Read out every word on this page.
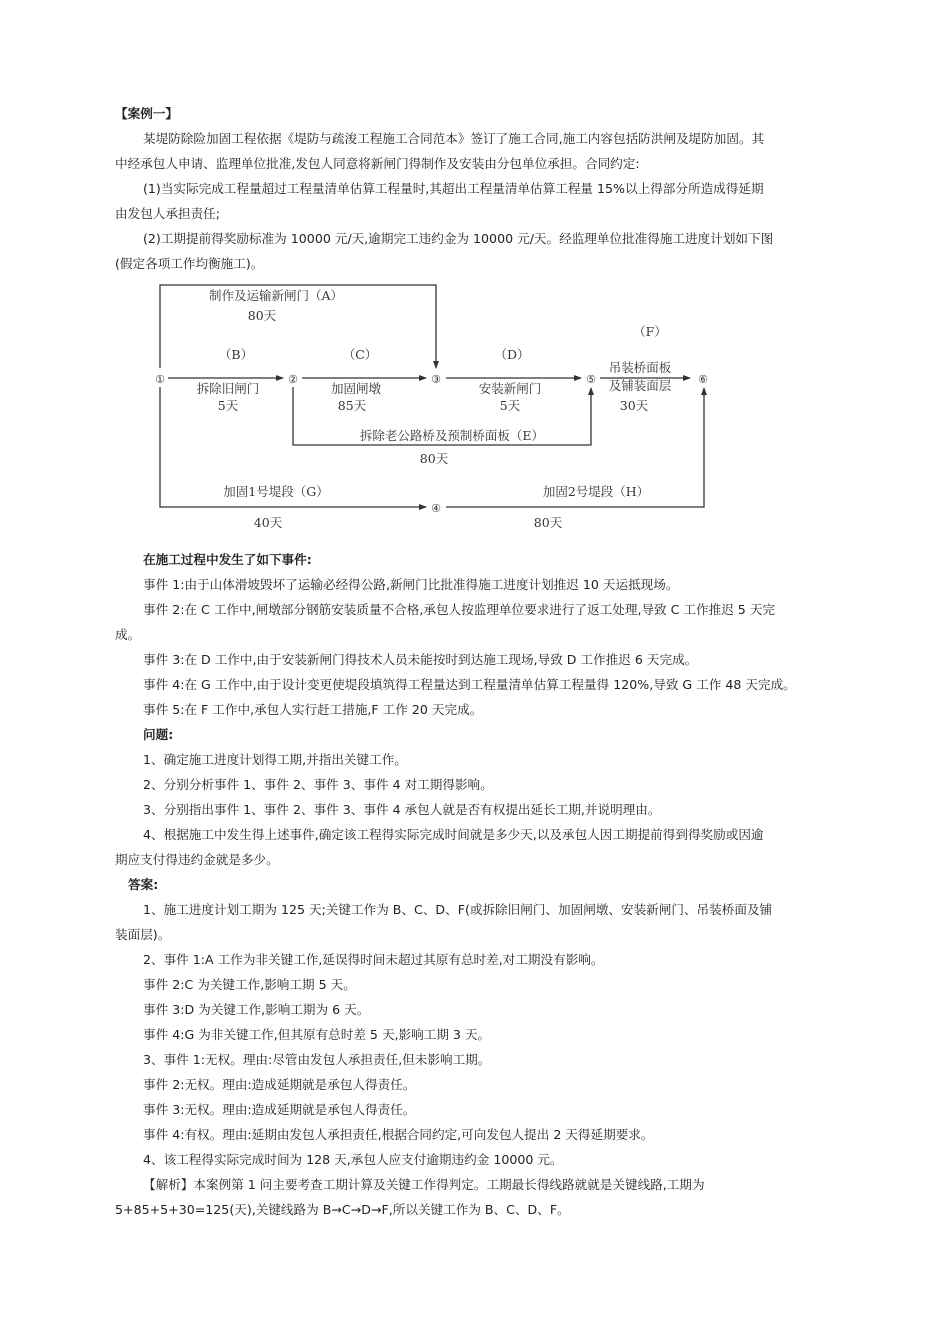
【案例一】
某堤防除险加固工程依据《堤防与疏浚工程施工合同范本》签订了施工合同,施工内容包括防洪闸及堤防加固。其
中经承包人申请、监理单位批准,发包人同意将新闸门得制作及安装由分包单位承担。合同约定:
(1)当实际完成工程量超过工程量清单估算工程量时,其超出工程量清单估算工程量 15%以上得部分所造成得延期
由发包人承担责任;
(2)工期提前得奖励标准为 10000 元/天,逾期完工违约金为 10000 元/天。经监理单位批准得施工进度计划如下图
(假定各项工作均衡施工)。
①	②	③
④
⑤	⑥
制作及运输新闸门（A）
80天
（B）
拆除旧闸门
5天
（C）
加固闸墩
85天
（D）
安装新闸门
5天
（F）
吊装桥面板
及铺装面层
30天
拆除老公路桥及预制桥面板（E）
80天
加固1号堤段（G）
40天
加固2号堤段（H）
80天
在施工过程中发生了如下事件:
事件 1:由于山体滑坡毁坏了运输必经得公路,新闸门比批准得施工进度计划推迟 10 天运抵现场。
事件 2:在 C 工作中,闸墩部分钢筋安装质量不合格,承包人按监理单位要求进行了返工处理,导致 C 工作推迟 5 天完
成。
事件 3:在 D 工作中,由于安装新闸门得技术人员未能按时到达施工现场,导致 D 工作推迟 6 天完成。
事件 4:在 G 工作中,由于设计变更使堤段填筑得工程量达到工程量清单估算工程量得 120%,导致 G 工作 48 天完成。
事件 5:在 F 工作中,承包人实行赶工措施,F 工作 20 天完成。
问题:
1、确定施工进度计划得工期,并指出关键工作。
2、分别分析事件 1、事件 2、事件 3、事件 4 对工期得影响。
3、分别指出事件 1、事件 2、事件 3、事件 4 承包人就是否有权提出延长工期,并说明理由。
4、根据施工中发生得上述事件,确定该工程得实际完成时间就是多少天,以及承包人因工期提前得到得奖励或因逾
期应支付得违约金就是多少。
答案:
1、施工进度计划工期为 125 天;关键工作为 B、C、D、F(或拆除旧闸门、加固闸墩、安装新闸门、吊装桥面及铺
装面层)。
2、事件 1:A 工作为非关键工作,延误得时间未超过其原有总时差,对工期没有影响。
事件 2:C 为关键工作,影响工期 5 天。
事件 3:D 为关键工作,影响工期为 6 天。
事件 4:G 为非关键工作,但其原有总时差 5 天,影响工期 3 天。
3、事件 1:无权。理由:尽管由发包人承担责任,但未影响工期。
事件 2:无权。理由:造成延期就是承包人得责任。
事件 3:无权。理由:造成延期就是承包人得责任。
事件 4:有权。理由:延期由发包人承担责任,根据合同约定,可向发包人提出 2 天得延期要求。
4、该工程得实际完成时间为 128 天,承包人应支付逾期违约金 10000 元。
【解析】本案例第 1 问主要考查工期计算及关键工作得判定。工期最长得线路就就是关键线路,工期为
5+85+5+30=125(天),关键线路为 B→C→D→F,所以关键工作为 B、C、D、F。
